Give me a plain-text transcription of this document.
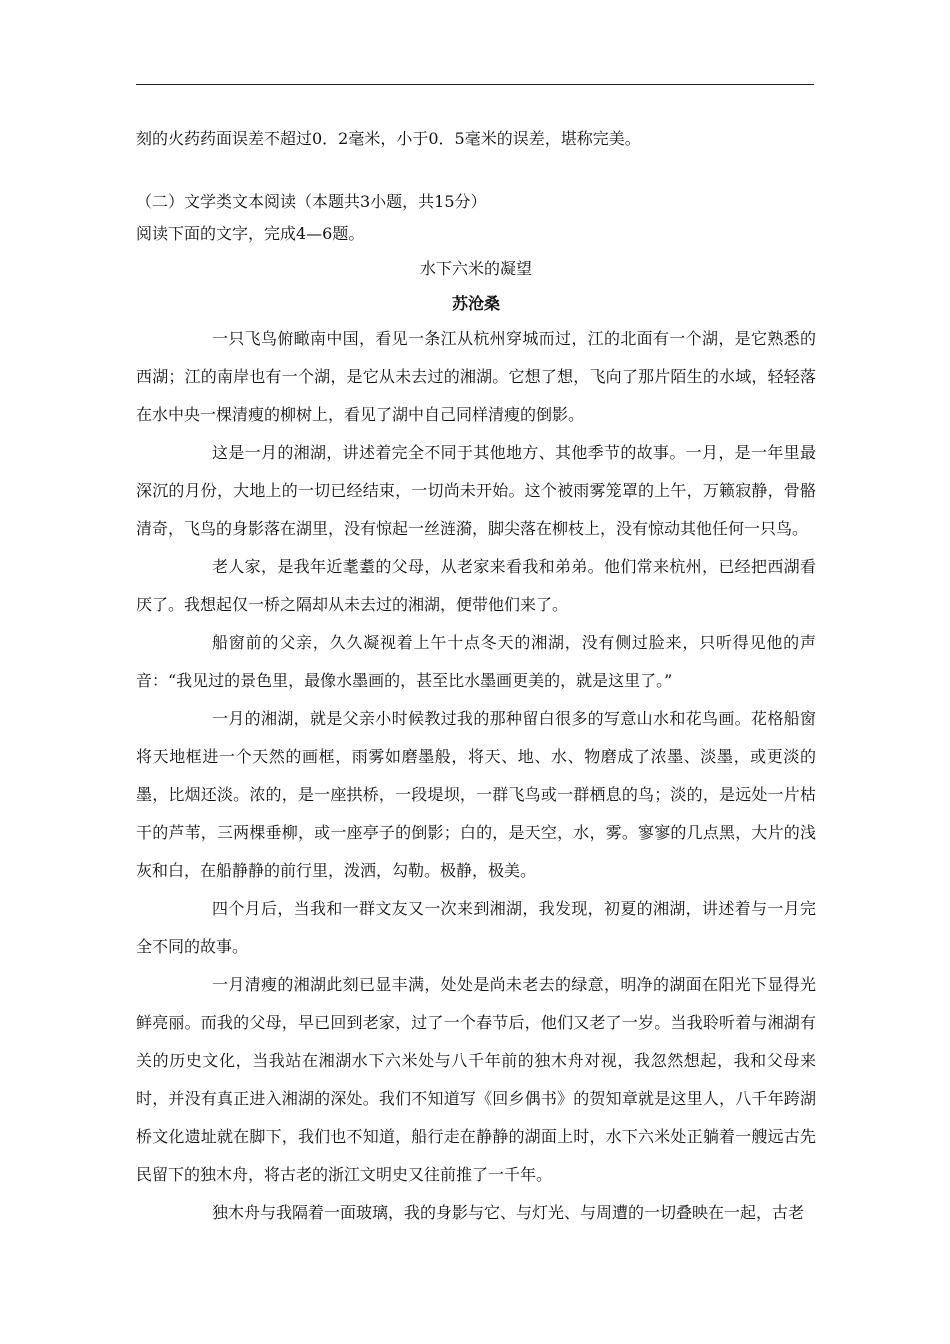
刻的火药药面误差不超过0．2毫米，小于0．5毫米的误差，堪称完美。

（二）文学类文本阅读（本题共3小题，共15分）

阅读下面的文字，完成4—6题。

水下六米的凝望

苏沧桑

一只飞鸟俯瞰南中国，看见一条江从杭州穿城而过，江的北面有一个湖，是它熟悉的西湖；江的南岸也有一个湖，是它从未去过的湘湖。它想了想，飞向了那片陌生的水域，轻轻落在水中央一棵清瘦的柳树上，看见了湖中自己同样清瘦的倒影。

这是一月的湘湖，讲述着完全不同于其他地方、其他季节的故事。一月，是一年里最深沉的月份，大地上的一切已经结束，一切尚未开始。这个被雨雾笼罩的上午，万籁寂静，骨骼清奇，飞鸟的身影落在湖里，没有惊起一丝涟漪，脚尖落在柳枝上，没有惊动其他任何一只鸟。

老人家，是我年近耄耋的父母，从老家来看我和弟弟。他们常来杭州，已经把西湖看厌了。我想起仅一桥之隔却从未去过的湘湖，便带他们来了。

船窗前的父亲，久久凝视着上午十点冬天的湘湖，没有侧过脸来，只听得见他的声音：“我见过的景色里，最像水墨画的，甚至比水墨画更美的，就是这里了。”

一月的湘湖，就是父亲小时候教过我的那种留白很多的写意山水和花鸟画。花格船窗将天地框进一个天然的画框，雨雾如磨墨般，将天、地、水、物磨成了浓墨、淡墨，或更淡的墨，比烟还淡。浓的，是一座拱桥，一段堤坝，一群飞鸟或一群栖息的鸟；淡的，是远处一片枯干的芦苇，三两棵垂柳，或一座亭子的倒影；白的，是天空，水，雾。寥寥的几点黑，大片的浅灰和白，在船静静的前行里，泼洒，勾勒。极静，极美。

四个月后，当我和一群文友又一次来到湘湖，我发现，初夏的湘湖，讲述着与一月完全不同的故事。

一月清瘦的湘湖此刻已显丰满，处处是尚未老去的绿意，明净的湖面在阳光下显得光鲜亮丽。而我的父母，早已回到老家，过了一个春节后，他们又老了一岁。当我聆听着与湘湖有关的历史文化，当我站在湘湖水下六米处与八千年前的独木舟对视，我忽然想起，我和父母来时，并没有真正进入湘湖的深处。我们不知道写《回乡偶书》的贺知章就是这里人，八千年跨湖桥文化遗址就在脚下，我们也不知道，船行走在静静的湖面上时，水下六米处正躺着一艘远古先民留下的独木舟，将古老的浙江文明史又往前推了一千年。

独木舟与我隔着一面玻璃，我的身影与它、与灯光、与周遭的一切叠映在一起，古老
